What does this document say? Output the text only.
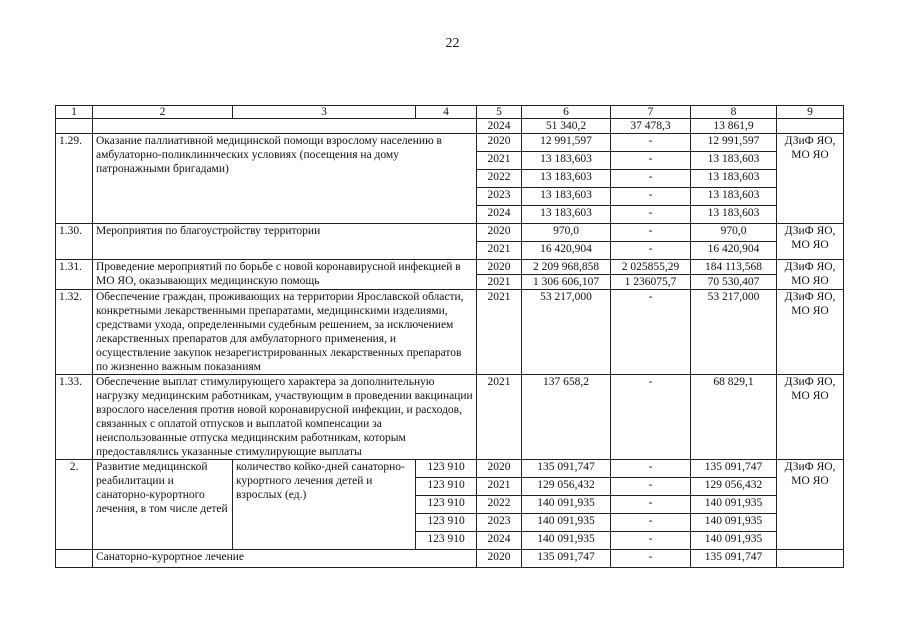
22
1	2	3	4	5	6	7	8	9
				2024	51 340,2	37 478,3	13 861,9	
1.29.	Оказание паллиативной медицинской помощи взрослому населению в амбулаторно-поликлинических условиях (посещения на дому патронажными бригадами)			2020	12 991,597	-	12 991,597	ДЗиФ ЯО, МО ЯО
				2021	13 183,603	-	13 183,603	
				2022	13 183,603	-	13 183,603	
				2023	13 183,603	-	13 183,603	
				2024	13 183,603	-	13 183,603	
1.30.	Мероприятия по благоустройству территории			2020	970,0	-	970,0	ДЗиФ ЯО, МО ЯО
				2021	16 420,904	-	16 420,904	
1.31.	Проведение мероприятий по борьбе с новой коронавирусной инфекцией в МО ЯО, оказывающих медицинскую помощь			2020	2 209 968,858	2 025855,29	184 113,568	ДЗиФ ЯО, МО ЯО
				2021	1 306 606,107	1 236075,7	70 530,407	
1.32.	Обеспечение граждан, проживающих на территории Ярославской области, конкретными лекарственными препаратами, медицинскими изделиями, средствами ухода, определенными судебным решением, за исключением лекарственных препаратов для амбулаторного применения, и осуществление закупок незарегистрированных лекарственных препаратов по жизненно важным показаниям			2021	53 217,000	-	53 217,000	ДЗиФ ЯО, МО ЯО
1.33.	Обеспечение выплат стимулирующего характера за дополнительную нагрузку медицинским работникам, участвующим в проведении вакцинации взрослого населения против новой коронавирусной инфекции, и расходов, связанных с оплатой отпусков и выплатой компенсации за неиспользованные отпуска медицинским работникам, которым предоставлялись указанные стимулирующие выплаты			2021	137 658,2	-	68 829,1	ДЗиФ ЯО, МО ЯО
2.	Развитие медицинской реабилитации и санаторно-курортного лечения, в том числе детей	количество койко-дней санаторно-курортного лечения детей и взрослых (ед.)	123 910	2020	135 091,747	-	135 091,747	ДЗиФ ЯО, МО ЯО
			123 910	2021	129 056,432	-	129 056,432	
			123 910	2022	140 091,935	-	140 091,935	
			123 910	2023	140 091,935	-	140 091,935	
			123 910	2024	140 091,935	-	140 091,935	
	Санаторно-курортное лечение			2020	135 091,747	-	135 091,747	
